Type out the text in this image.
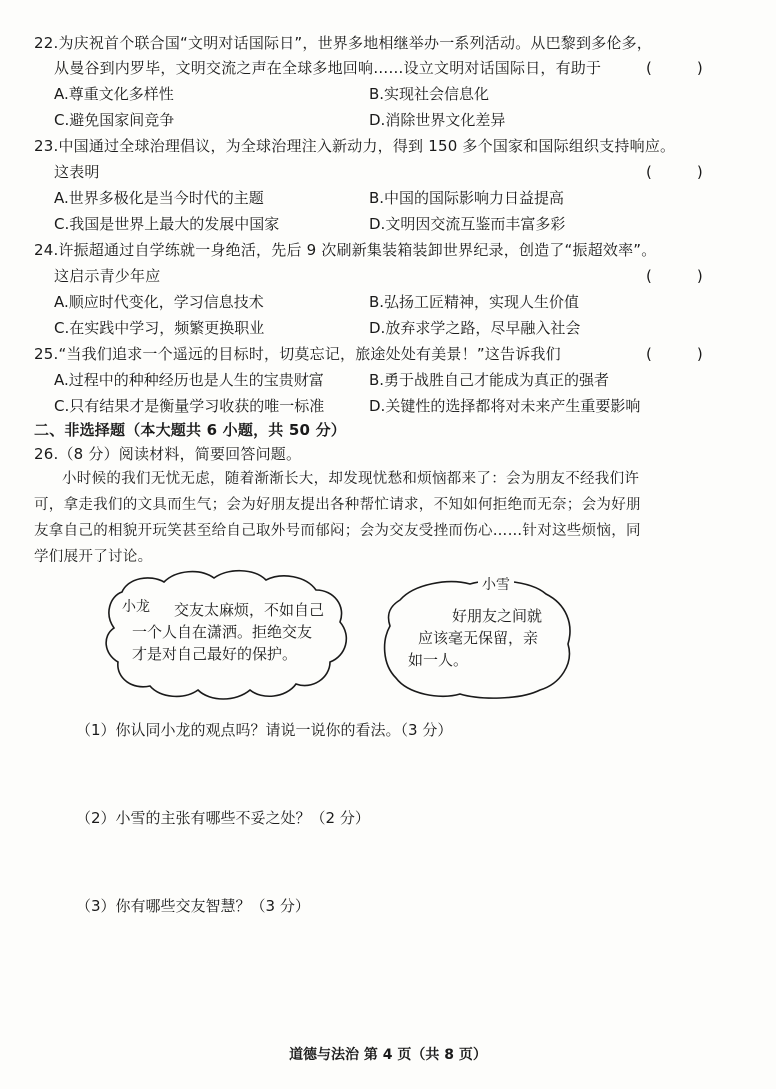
22.为庆祝首个联合国“文明对话国际日”，世界多地相继举办一系列活动。从巴黎到多伦多，
从曼谷到内罗毕，文明交流之声在全球多地回响……设立文明对话国际日，有助于	(　　　)
A.尊重文化多样性	B.实现社会信息化
C.避免国家间竞争	D.消除世界文化差异
23.中国通过全球治理倡议，为全球治理注入新动力，得到 150 多个国家和国际组织支持响应。
这表明	(　　　)
A.世界多极化是当今时代的主题	B.中国的国际影响力日益提高
C.我国是世界上最大的发展中国家	D.文明因交流互鉴而丰富多彩
24.许振超通过自学练就一身绝活，先后 9 次刷新集装箱装卸世界纪录，创造了“振超效率”。
这启示青少年应	(　　　)
A.顺应时代变化，学习信息技术	B.弘扬工匠精神，实现人生价值
C.在实践中学习，频繁更换职业	D.放弃求学之路，尽早融入社会
25.“当我们追求一个遥远的目标时，切莫忘记，旅途处处有美景！”这告诉我们	(　　　)
A.过程中的种种经历也是人生的宝贵财富	B.勇于战胜自己才能成为真正的强者
C.只有结果才是衡量学习收获的唯一标准	D.关键性的选择都将对未来产生重要影响
二、非选择题（本大题共 6 小题，共 50 分）
26.（8 分）阅读材料，简要回答问题。
小时候的我们无忧无虑，随着渐渐长大，却发现忧愁和烦恼都来了：会为朋友不经我们许
可，拿走我们的文具而生气；会为好朋友提出各种帮忙请求，不知如何拒绝而无奈；会为好朋
友拿自己的相貌开玩笑甚至给自己取外号而郁闷；会为交友受挫而伤心……针对这些烦恼，同
学们展开了讨论。
小龙 交友太麻烦，不如自己
一个人自在潇洒。拒绝交友
才是对自己最好的保护。
小雪
好朋友之间就
应该毫无保留，亲
如一人。
（1）你认同小龙的观点吗？请说一说你的看法。（3 分）
（2）小雪的主张有哪些不妥之处？（2 分）
（3）你有哪些交友智慧？（3 分）
道德与法治 第 4 页（共 8 页）
